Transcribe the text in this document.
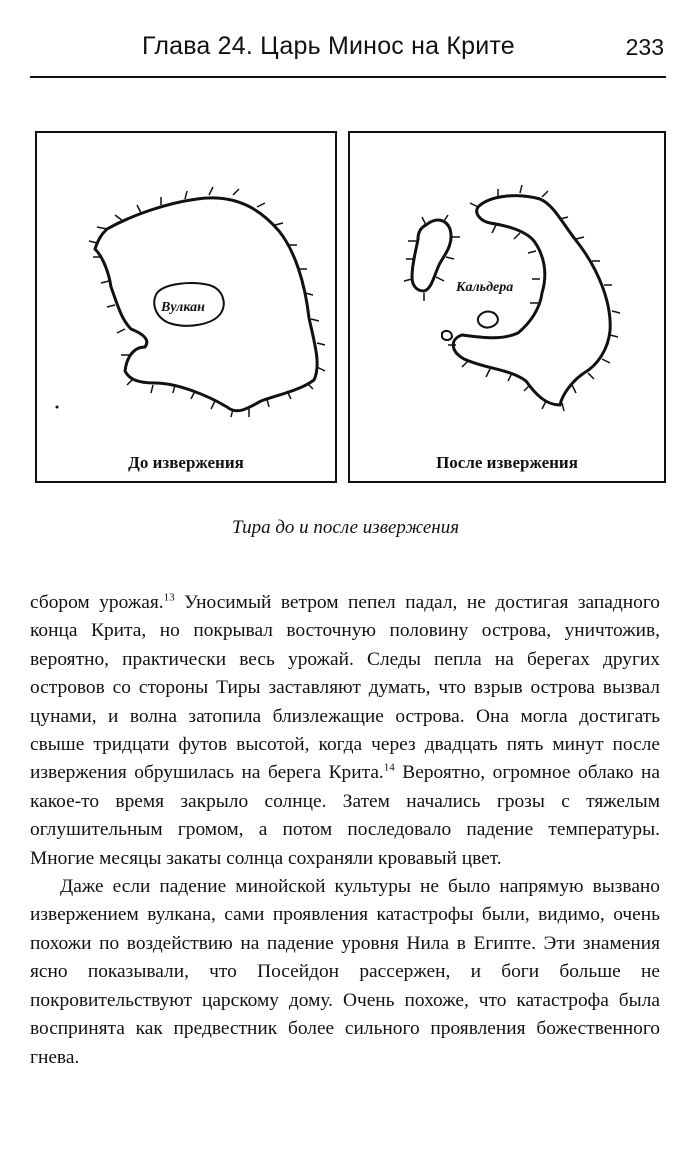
Глава 24. Царь Минос на Крите	233
Вулкан
До извержения
Кальдера
После извержения
Тира до и после извержения

сбором урожая.$^{13}$ Уносимый ветром пепел падал, не достигая западного конца Крита, но покрывал восточную половину острова, уничтожив, вероятно, практически весь урожай. Следы пепла на берегах других островов со стороны Тиры заставляют думать, что взрыв острова вызвал цунами, и волна затопила близлежащие острова. Она могла достигать свыше тридцати футов высотой, когда через двадцать пять минут после извержения обрушилась на берега Крита.$^{14}$ Вероятно, огромное облако на какое-то время закрыло солнце. Затем начались грозы с тяжелым оглушительным громом, а потом последовало падение температуры. Многие месяцы закаты солнца сохраняли кровавый цвет.

Даже если падение минойской культуры не было напрямую вызвано извержением вулкана, сами проявления катастрофы были, видимо, очень похожи по воздействию на падение уровня Нила в Египте. Эти знамения ясно показывали, что Посейдон рассержен, и боги больше не покровительствуют царскому дому. Очень похоже, что катастрофа была воспринята как предвестник более сильного проявления божественного гнева.
